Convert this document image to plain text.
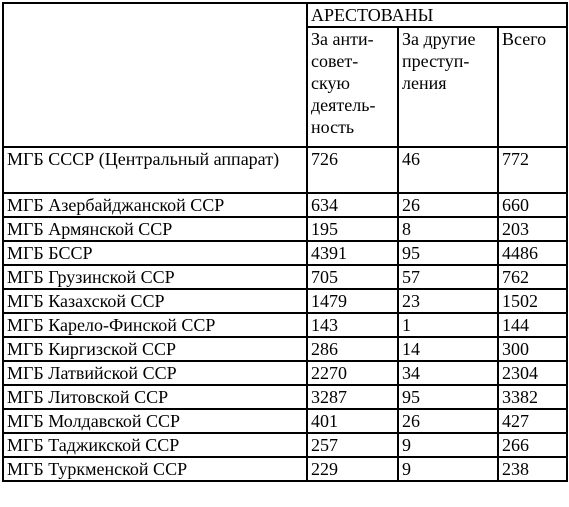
	АРЕСТОВАНЫ		

	За анти-
совет-
скую
деятель-
ность	За другие
преступ-
ления	Всего

МГБ СССР (Центральный аппарат)	726	46	772
МГБ Азербайджанской ССР	634	26	660
МГБ Армянской ССР	195	8	203
МГБ БССР	4391	95	4486
МГБ Грузинской ССР	705	57	762
МГБ Казахской ССР	1479	23	1502
МГБ Карело-Финской ССР	143	1	144
МГБ Киргизской ССР	286	14	300
МГБ Латвийской ССР	2270	34	2304
МГБ Литовской ССР	3287	95	3382
МГБ Молдавской ССР	401	26	427
МГБ Таджикской ССР	257	9	266
МГБ Туркменской ССР	229	9	238
